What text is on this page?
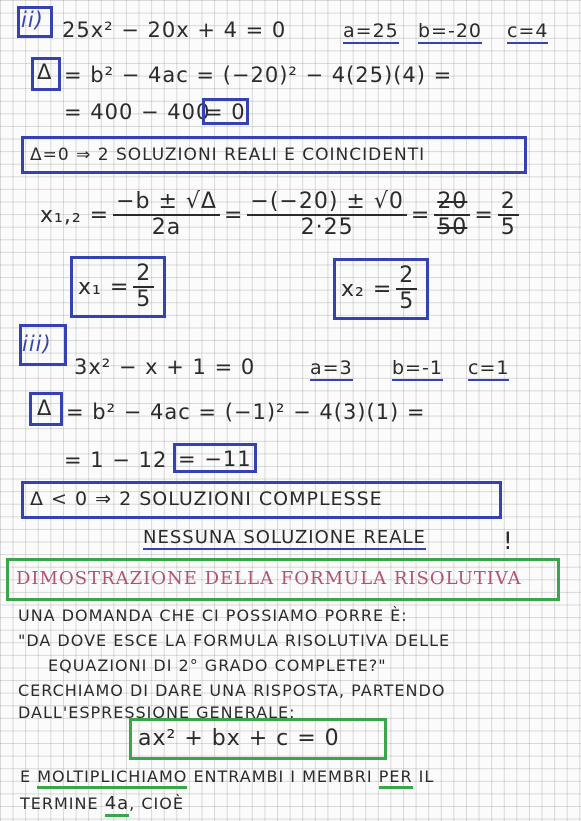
ii) 25x² − 20x + 4 = 0	a=25 b=-20 c=4
Δ = b² − 4ac = (−20)² − 4(25)(4) =
= 400 − 400
= 0
Δ=0 ⇒ 2 SOLUZIONI REALI E COINCIDENTI
$x_1,_2 = \frac{-b \pm √\Delta}{2a} = \frac{-(-20) \pm √0}{2\cdot 25} = \frac{20}{50} = \frac{2}{5}$
$x_1 = \frac{2}{5}$	$x_2 = \frac{2}{5}$
iii)
3x² − x + 1 = 0	a=3 b=-1 c=1
Δ = b² − 4ac = (−1)² − 4(3)(1) =
= 1 − 12 = −11
Δ < 0 ⇒ 2 SOLUZIONI COMPLESSE
NESSUNA SOLUZIONE REALE	!
DIMOSTRAZIONE DELLA FORMULA RISOLUTIVA
UNA DOMANDA CHE CI POSSIAMO PORRE È:
"DA DOVE ESCE LA FORMULA RISOLUTIVA DELLE
EQUAZIONI DI 2° GRADO COMPLETE?"
CERCHIAMO DI DARE UNA RISPOSTA, PARTENDO
DALL'ESPRESSIONE GENERALE:
ax² + bx + c = 0
E MOLTIPLICHIAMO ENTRAMBI I MEMBRI PER IL
TERMINE 4a, CIOÈ
